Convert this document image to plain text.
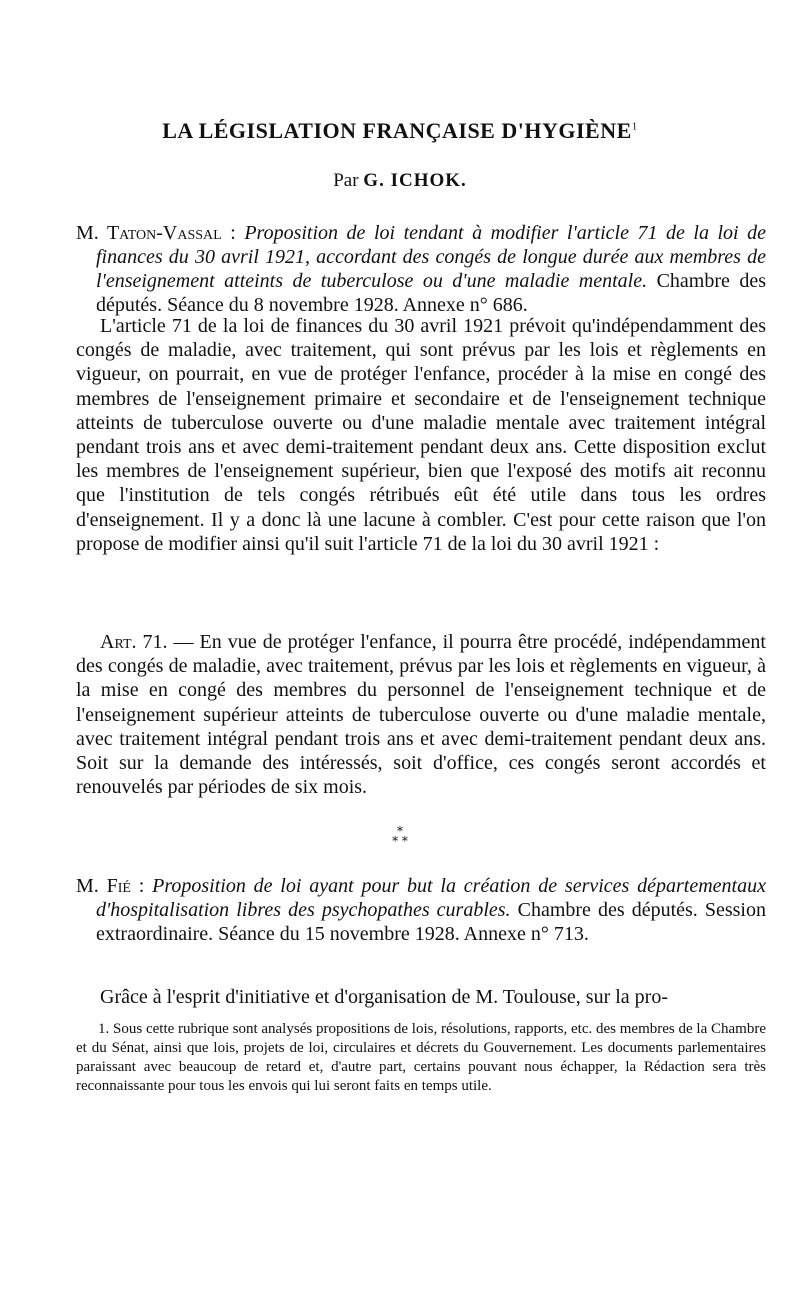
LA LÉGISLATION FRANÇAISE D'HYGIÈNE$^1$
Par G. ICHOK.
M. Taton-Vassal : Proposition de loi tendant à modifier l'article 71 de la loi de finances du 30 avril 1921, accordant des congés de longue durée aux membres de l'enseignement atteints de tuberculose ou d'une maladie mentale. Chambre des députés. Séance du 8 novembre 1928. Annexe n° 686.

L'article 71 de la loi de finances du 30 avril 1921 prévoit qu'indépendamment des congés de maladie, avec traitement, qui sont prévus par les lois et règlements en vigueur, on pourrait, en vue de protéger l'enfance, procéder à la mise en congé des membres de l'enseignement primaire et secondaire et de l'enseignement technique atteints de tuberculose ouverte ou d'une maladie mentale avec traitement intégral pendant trois ans et avec demi-traitement pendant deux ans. Cette disposition exclut les membres de l'enseignement supérieur, bien que l'exposé des motifs ait reconnu que l'institution de tels congés rétribués eût été utile dans tous les ordres d'enseignement. Il y a donc là une lacune à combler. C'est pour cette raison que l'on propose de modifier ainsi qu'il suit l'article 71 de la loi du 30 avril 1921 :

Art. 71. — En vue de protéger l'enfance, il pourra être procédé, indépendamment des congés de maladie, avec traitement, prévus par les lois et règlements en vigueur, à la mise en congé des membres du personnel de l'enseignement technique et de l'enseignement supérieur atteints de tuberculose ouverte ou d'une maladie mentale, avec traitement intégral pendant trois ans et avec demi-traitement pendant deux ans. Soit sur la demande des intéressés, soit d'office, ces congés seront accordés et renouvelés par périodes de six mois.

*
* *
M. Fié : Proposition de loi ayant pour but la création de services départementaux d'hospitalisation libres des psychopathes curables. Chambre des députés. Session extraordinaire. Séance du 15 novembre 1928. Annexe n° 713.

Grâce à l'esprit d'initiative et d'organisation de M. Toulouse, sur la pro-

1. Sous cette rubrique sont analysés propositions de lois, résolutions, rapports, etc. des membres de la Chambre et du Sénat, ainsi que lois, projets de loi, circulaires et décrets du Gouvernement. Les documents parlementaires paraissant avec beaucoup de retard et, d'autre part, certains pouvant nous échapper, la Rédaction sera très reconnaissante pour tous les envois qui lui seront faits en temps utile.
